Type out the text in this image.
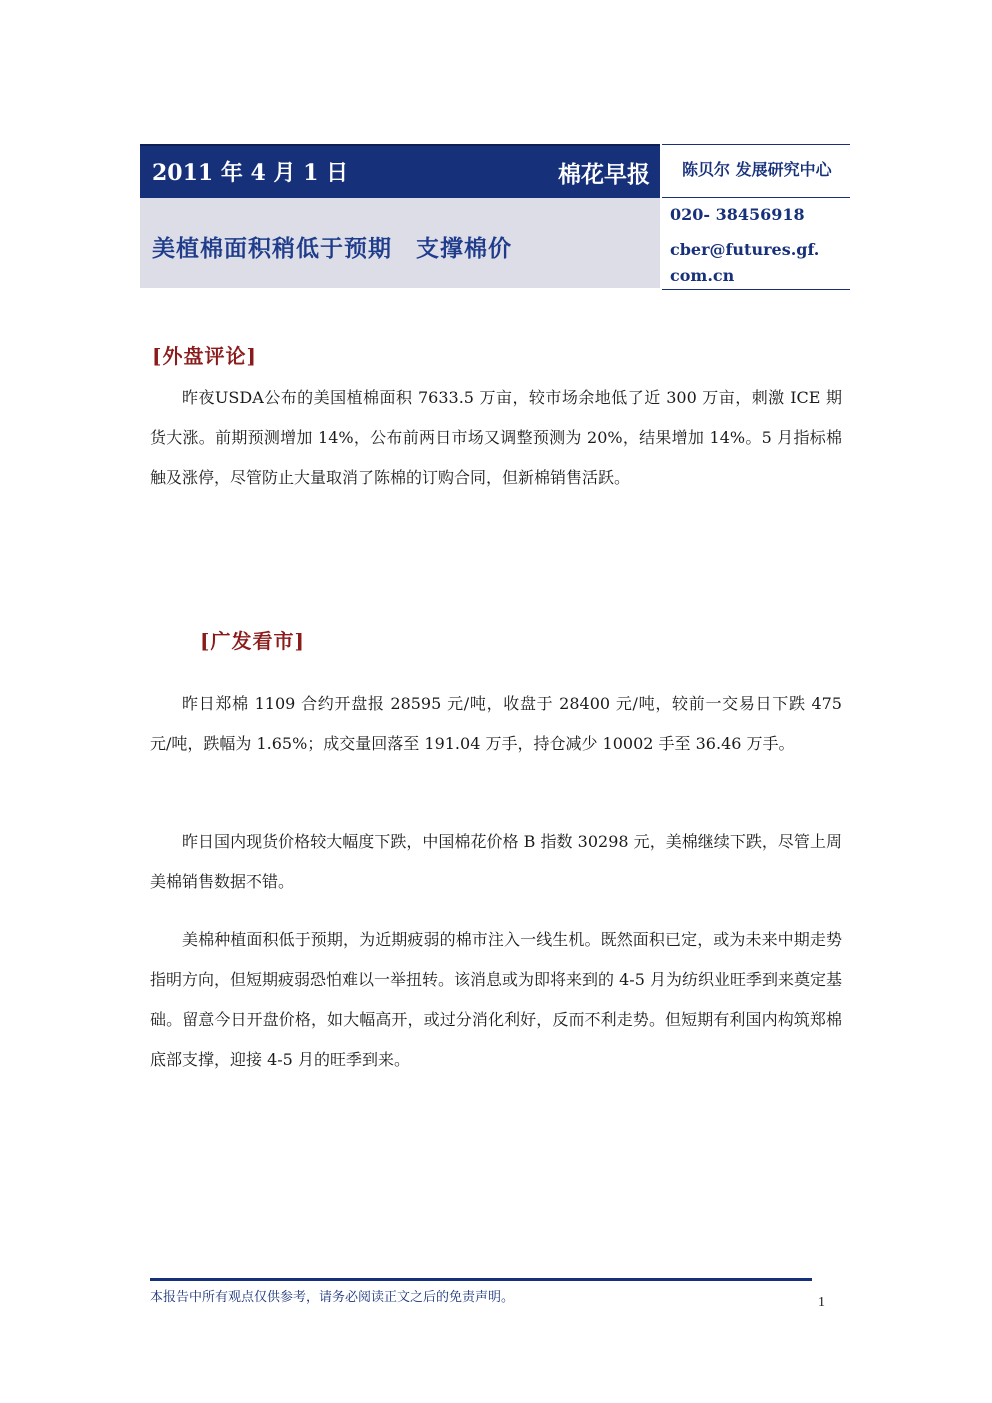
2011 年 4 月 1 日	棉花早报
美植棉面积稍低于预期　支撑棉价
陈贝尔 发展研究中心
020- 38456918
cber@futures.gf.com.cn
[外盘评论]
昨夜USDA公布的美国植棉面积 7633.5 万亩，较市场余地低了近 300 万亩，刺激 ICE 期货大涨。前期预测增加 14%，公布前两日市场又调整预测为 20%，结果增加 14%。5 月指标棉触及涨停，尽管防止大量取消了陈棉的订购合同，但新棉销售活跃。
[广发看市]
昨日郑棉 1109 合约开盘报 28595 元/吨，收盘于 28400 元/吨，较前一交易日下跌 475 元/吨，跌幅为 1.65%；成交量回落至 191.04 万手，持仓减少 10002 手至 36.46 万手。
昨日国内现货价格较大幅度下跌，中国棉花价格 B 指数 30298 元，美棉继续下跌，尽管上周美棉销售数据不错。
美棉种植面积低于预期，为近期疲弱的棉市注入一线生机。既然面积已定，或为未来中期走势指明方向，但短期疲弱恐怕难以一举扭转。该消息或为即将来到的 4-5 月为纺织业旺季到来奠定基础。留意今日开盘价格，如大幅高开，或过分消化利好，反而不利走势。但短期有利国内构筑郑棉底部支撑，迎接 4-5 月的旺季到来。
本报告中所有观点仅供参考，请务必阅读正文之后的免责声明。	1
